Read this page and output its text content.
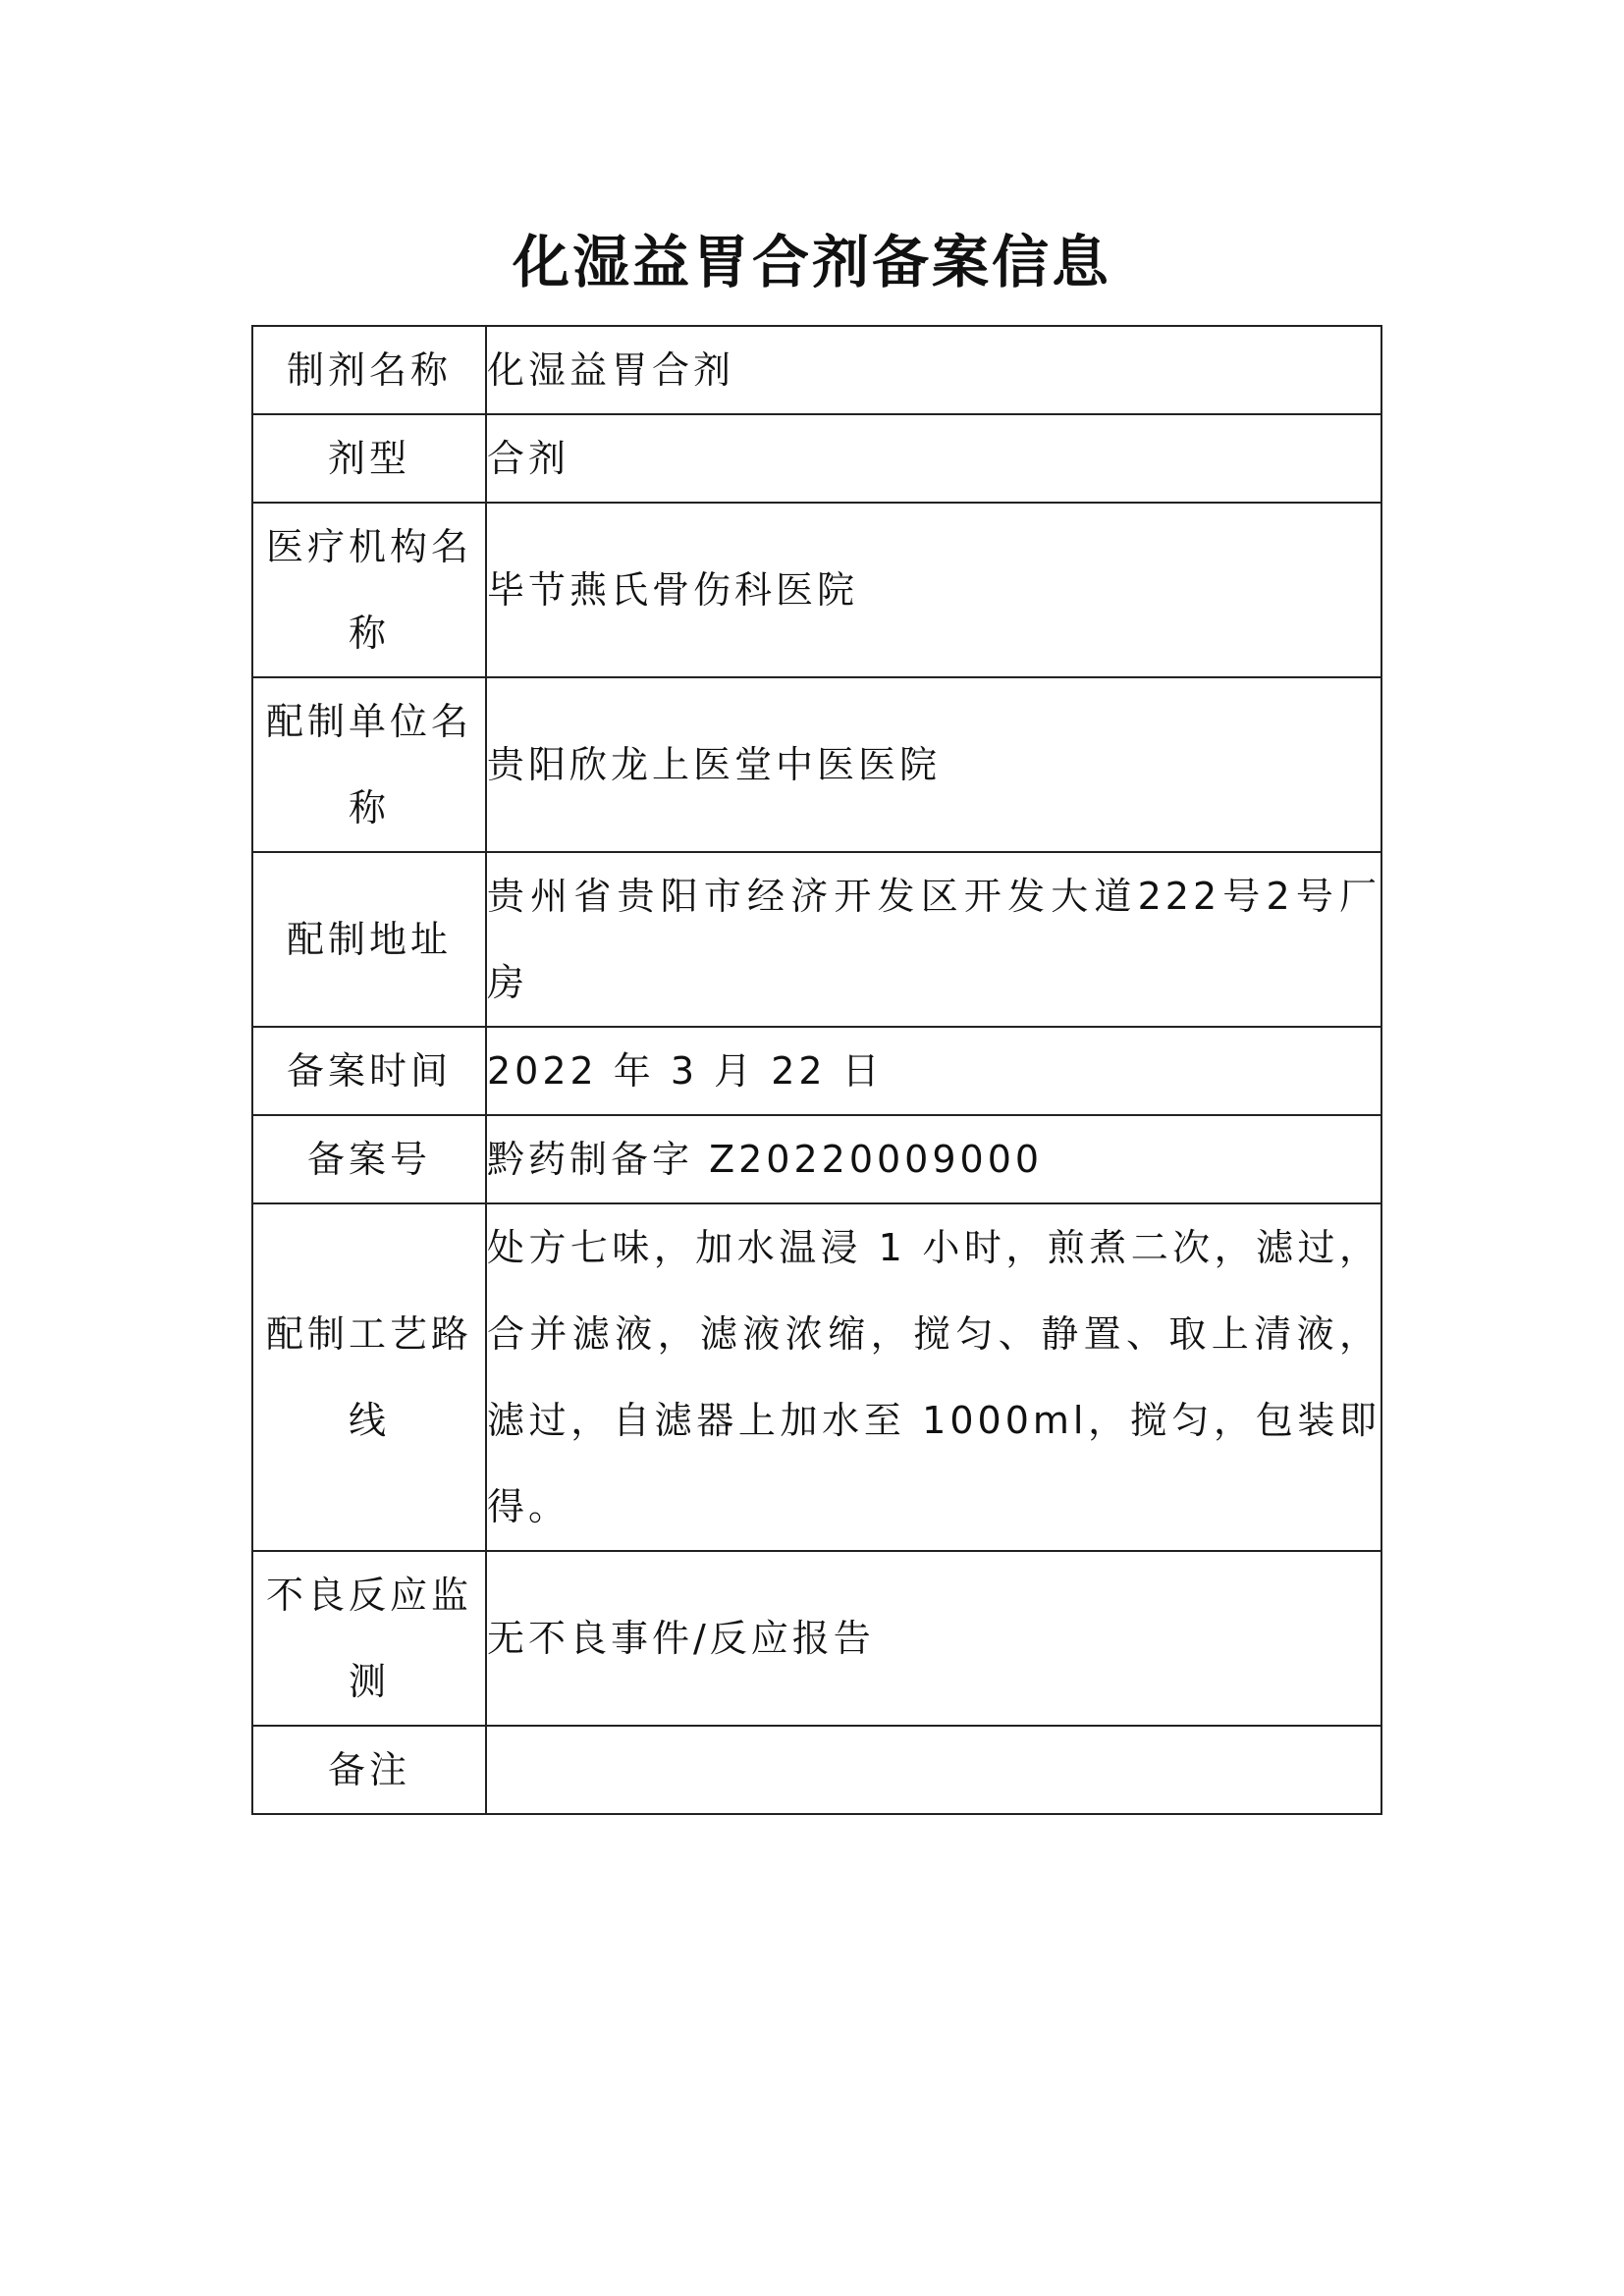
化湿益胃合剂备案信息
制剂名称	化湿益胃合剂

剂型	合剂

医疗机构名称	毕节燕氏骨伤科医院

配制单位名称	贵阳欣龙上医堂中医医院

配制地址	贵州省贵阳市经济开发区开发大道222号2号厂房

备案时间	2022 年 3 月 22 日

备案号	黔药制备字 Z20220009000

配制工艺路线	处方七味，加水温浸 1 小时，煎煮二次，滤过，合并滤液，滤液浓缩，搅匀、静置、取上清液，滤过，自滤器上加水至 1000ml，搅匀，包装即得。

不良反应监测	无不良事件/反应报告

备注	
